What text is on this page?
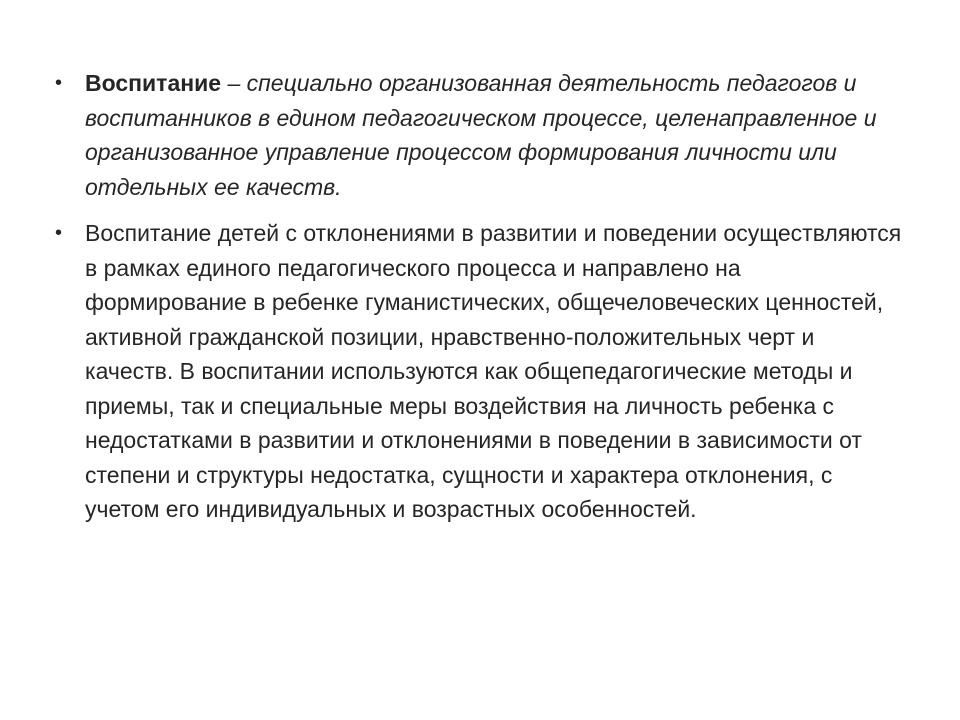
• Воспитание – специально организованная деятельность педагогов и воспитанников в едином педагогическом процессе, целенаправленное и организованное управление процессом формирования личности или отдельных ее качеств.
• Воспитание детей с отклонениями в развитии и поведении осуществляются в рамках единого педагогического процесса и направлено на формирование в ребенке гуманистических, общечеловеческих ценностей, активной гражданской позиции, нравственно-положительных черт и качеств. В воспитании используются как общепедагогические методы и приемы, так и специальные меры воздействия на личность ребенка с недостатками в развитии и отклонениями в поведении в зависимости от степени и структуры недостатка, сущности и характера отклонения, с учетом его индивидуальных и возрастных особенностей.
